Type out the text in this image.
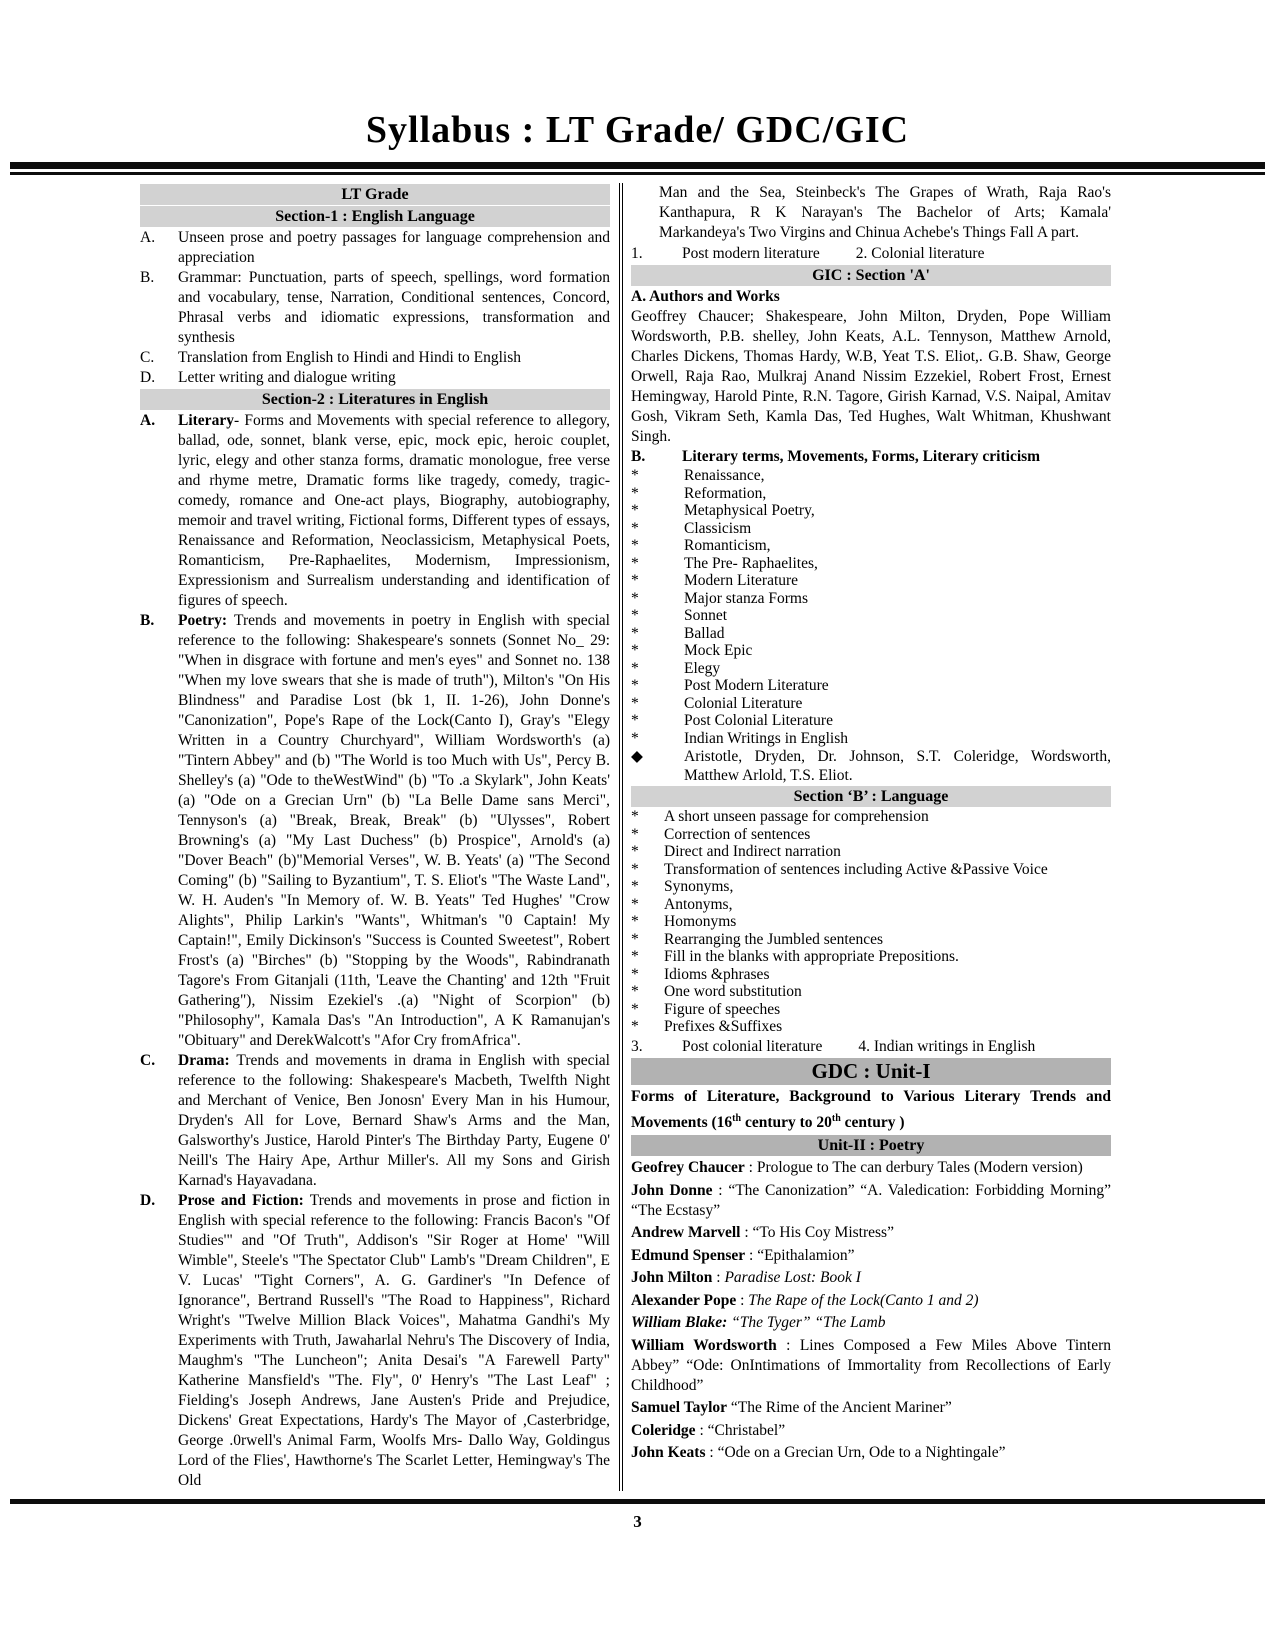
Syllabus : LT Grade/ GDC/GIC
LT Grade
Section-1 : English Language
A.	Unseen prose and poetry passages for language comprehension and appreciation
B.	Grammar: Punctuation, parts of speech, spellings, word formation and vocabulary, tense, Narration, Conditional sentences, Concord, Phrasal verbs and idiomatic expressions, transformation and synthesis
C.	Translation from English to Hindi and Hindi to English
D.	Letter writing and dialogue writing
Section-2 : Literatures in English
A.	Literary- Forms and Movements with special reference to allegory, ballad, ode, sonnet, blank verse, epic, mock epic, heroic couplet, lyric, elegy and other stanza forms, dramatic monologue, free verse and rhyme metre, Dramatic forms like tragedy, comedy, tragic-comedy, romance and One-act plays, Biography, autobiography, memoir and travel writing, Fictional forms, Different types of essays, Renaissance and Reformation, Neoclassicism, Metaphysical Poets, Romanticism, Pre-Raphaelites, Modernism, Impressionism, Expressionism and Surrealism understanding and identification of figures of speech.
B.	Poetry: Trends and movements in poetry in English with special reference to the following: Shakespeare's sonnets (Sonnet No_ 29: "When in disgrace with fortune and men's eyes" and Sonnet no. 138 "When my love swears that she is made of truth"), Milton's "On His Blindness" and Paradise Lost (bk 1, II. 1-26), John Donne's "Canonization", Pope's Rape of the Lock(Canto I), Gray's "Elegy Written in a Country Churchyard", William Wordsworth's (a) "Tintern Abbey" and (b) "The World is too Much with Us", Percy B. Shelley's (a) "Ode to theWestWind" (b) "To .a Skylark", John Keats' (a) "Ode on a Grecian Urn" (b) "La Belle Dame sans Merci", Tennyson's (a) "Break, Break, Break" (b) "Ulysses", Robert Browning's (a) "My Last Duchess" (b) Prospice", Arnold's (a) "Dover Beach" (b)"Memorial Verses", W. B. Yeats' (a) "The Second Coming" (b) "Sailing to Byzantium", T. S. Eliot's "The Waste Land", W. H. Auden's "In Memory of. W. B. Yeats" Ted Hughes' "Crow Alights", Philip Larkin's "Wants", Whitman's "0 Captain! My Captain!", Emily Dickinson's "Success is Counted Sweetest", Robert Frost's (a) "Birches" (b) "Stopping by the Woods", Rabindranath Tagore's From Gitanjali (11th, 'Leave the Chanting' and 12th "Fruit Gathering"), Nissim Ezekiel's .(a) "Night of Scorpion" (b) "Philosophy", Kamala Das's "An Introduction", A K Ramanujan's "Obituary" and DerekWalcott's "Afor Cry fromAfrica".
C.	Drama: Trends and movements in drama in English with special reference to the following: Shakespeare's Macbeth, Twelfth Night and Merchant of Venice, Ben Jonosn' Every Man in his Humour, Dryden's All for Love, Bernard Shaw's Arms and the Man, Galsworthy's Justice, Harold Pinter's The Birthday Party, Eugene 0' Neill's The Hairy Ape, Arthur Miller's. All my Sons and Girish Karnad's Hayavadana.
D.	Prose and Fiction: Trends and movements in prose and fiction in English with special reference to the following: Francis Bacon's "Of Studies'" and "Of Truth", Addison's "Sir Roger at Home' "Will Wimble", Steele's "The Spectator Club" Lamb's "Dream Children", E V. Lucas' "Tight Corners", A. G. Gardiner's "In Defence of Ignorance", Bertrand Russell's "The Road to Happiness", Richard Wright's "Twelve Million Black Voices", Mahatma Gandhi's My Experiments with Truth, Jawaharlal Nehru's The Discovery of India, Maughm's "The Luncheon"; Anita Desai's "A Farewell Party" Katherine Mansfield's "The. Fly", 0' Henry's "The Last Leaf" ; Fielding's Joseph Andrews, Jane Austen's Pride and Prejudice, Dickens' Great Expectations, Hardy's The Mayor of ,Casterbridge, George .0rwell's Animal Farm, Woolfs Mrs- Dallo Way, Goldingus Lord of the Flies', Hawthorne's The Scarlet Letter, Hemingway's The Old

Man and the Sea, Steinbeck's The Grapes of Wrath, Raja Rao's Kanthapura, R K Narayan's The Bachelor of Arts; Kamala' Markandeya's Two Virgins and Chinua Achebe's Things Fall A part.

1.	Post modern literature 2. Colonial literature
GIC : Section 'A'

A. Authors and Works

Geoffrey Chaucer; Shakespeare, John Milton, Dryden, Pope William Wordsworth, P.B. shelley, John Keats, A.L. Tennyson, Matthew Arnold, Charles Dickens, Thomas Hardy, W.B, Yeat T.S. Eliot,. G.B. Shaw, George Orwell, Raja Rao, Mulkraj Anand Nissim Ezzekiel, Robert Frost, Ernest Hemingway, Harold Pinte, R.N. Tagore, Girish Karnad, V.S. Naipal, Amitav Gosh, Vikram Seth, Kamla Das, Ted Hughes, Walt Whitman, Khushwant Singh.

B.	Literary terms, Movements, Forms, Literary criticism
*	Renaissance,
*	Reformation,
*	Metaphysical Poetry,
*	Classicism
*	Romanticism,
*	The Pre- Raphaelites,
*	Modern Literature
*	Major stanza Forms
*	Sonnet
*	Ballad
*	Mock Epic
*	Elegy
*	Post Modern Literature
*	Colonial Literature
*	Post Colonial Literature
*	Indian Writings in English
◆	Aristotle, Dryden, Dr. Johnson, S.T. Coleridge, Wordsworth, Matthew Arlold, T.S. Eliot.
Section ‘B’ : Language
*	A short unseen passage for comprehension
*	Correction of sentences
*	Direct and Indirect narration
*	Transformation of sentences including Active &Passive Voice
*	Synonyms,
*	Antonyms,
*	Homonyms
*	Rearranging the Jumbled sentences
*	Fill in the blanks with appropriate Prepositions.
*	Idioms &phrases
*	One word substitution
*	Figure of speeches
*	Prefixes &Suffixes
3.	Post colonial literature 4. Indian writings in English
GDC : Unit-I

Forms of Literature, Background to Various Literary Trends and Movements (16th century to 20th century )

Unit-II : Poetry

Geofrey Chaucer : Prologue to The can derbury Tales (Modern version)

John Donne : “The Canonization” “A. Valedication: Forbidding Morning” “The Ecstasy”

Andrew Marvell : “To His Coy Mistress”

Edmund Spenser : “Epithalamion”

John Milton : Paradise Lost: Book I

Alexander Pope : The Rape of the Lock(Canto 1 and 2)

William Blake: “The Tyger” “The Lamb

William Wordsworth : Lines Composed a Few Miles Above Tintern Abbey” “Ode: OnIntimations of Immortality from Recollections of Early Childhood”

Samuel Taylor “The Rime of the Ancient Mariner”

Coleridge : “Christabel”

John Keats : “Ode on a Grecian Urn, Ode to a Nightingale”

3
